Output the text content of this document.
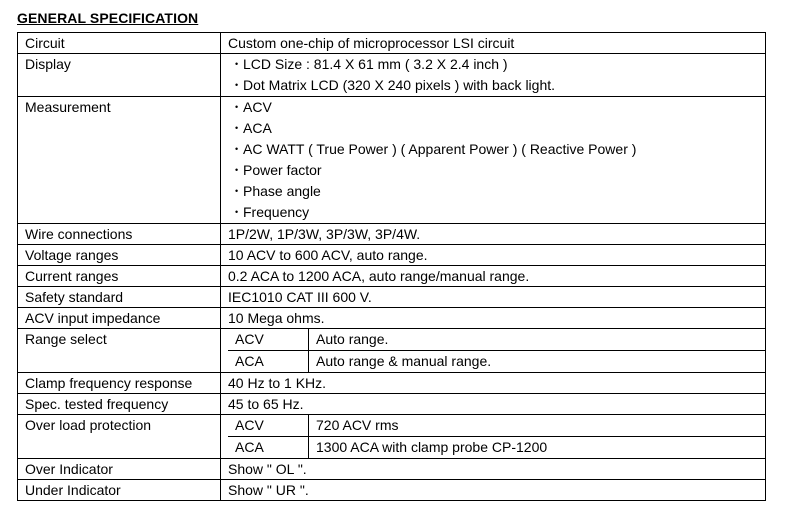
GENERAL SPECIFICATION
Circuit	Custom one-chip of microprocessor LSI circuit
Display	• LCD Size : 81.4 X 61 mm ( 3.2 X 2.4 inch )
• Dot Matrix LCD (320 X 240 pixels ) with back light.

Measurement	• ACV
• ACA
• AC WATT ( True Power ) ( Apparent Power ) ( Reactive Power )
• Power factor
• Phase angle
• Frequency

Wire connections	1P/2W, 1P/3W, 3P/3W, 3P/4W.
Voltage ranges	10 ACV to 600 ACV, auto range.
Current ranges	0.2 ACA to 1200 ACA, auto range/manual range.
Safety standard	IEC1010 CAT III 600 V.
ACV input impedance	10 Mega ohms.
Range select		ACV	Auto range.
ACA	Auto range & manual range.

Clamp frequency response	40 Hz to 1 KHz.
Spec. tested frequency	45 to 65 Hz.
Over load protection		ACV	720 ACV rms
ACA	1300 ACA with clamp probe CP-1200

Over Indicator	Show " OL ".
Under Indicator	Show " UR ".
